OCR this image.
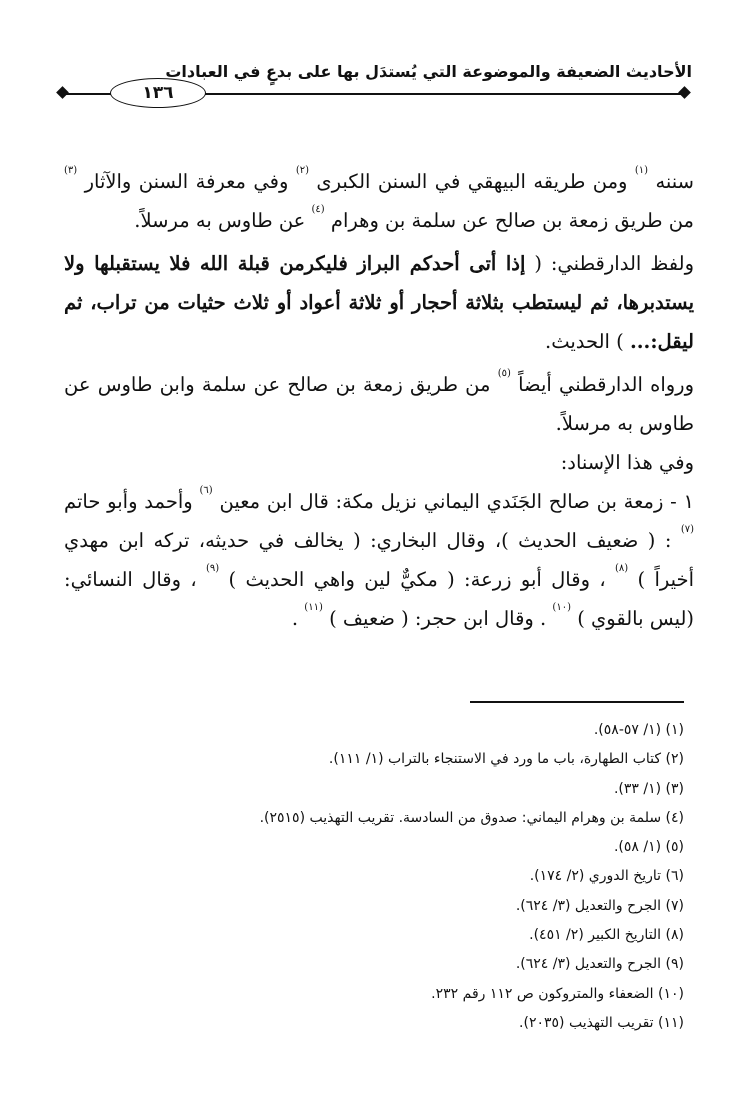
الأحاديث الضعيفة والموضوعة التي يُستدَل بها على بدعٍ في العبادات
١٣٦

سننه $^{(١)}$ ومن طريقه البيهقي في السنن الكبرى $^{(٢)}$ وفي معرفة السنن والآثار $^{(٣)}$ من طريق زمعة بن صالح عن سلمة بن وهرام $^{(٤)}$ عن طاوس به مرسلاً.

ولفظ الدارقطني: ( إذا أتى أحدكم البراز فليكرمن قبلة الله فلا يستقبلها ولا يستدبرها، ثم ليستطب بثلاثة أحجار أو ثلاثة أعواد أو ثلاث حثيات من تراب، ثم ليقل:... ) الحديث.

ورواه الدارقطني أيضاً $^{(٥)}$ من طريق زمعة بن صالح عن سلمة وابن طاوس عن طاوس به مرسلاً.

وفي هذا الإسناد:

١ - زمعة بن صالح الجَنَدي اليماني نزيل مكة: قال ابن معين $^{(٦)}$ وأحمد وأبو حاتم $^{(٧)}$ : ( ضعيف الحديث )، وقال البخاري: ( يخالف في حديثه، تركه ابن مهدي أخيراً ) $^{(٨)}$ ، وقال أبو زرعة: ( مكيٌّ لين واهي الحديث ) $^{(٩)}$ ، وقال النسائي: (ليس بالقوي ) $^{(١٠)}$ . وقال ابن حجر: ( ضعيف ) $^{(١١)}$ .

(١) (١/ ٥٧-٥٨).
(٢) كتاب الطهارة، باب ما ورد في الاستنجاء بالتراب (١/ ١١١).
(٣) (١/ ٣٣).
(٤) سلمة بن وهرام اليماني: صدوق من السادسة. تقريب التهذيب (٢٥١٥).
(٥) (١/ ٥٨).
(٦) تاريخ الدوري (٢/ ١٧٤).
(٧) الجرح والتعديل (٣/ ٦٢٤).
(٨) التاريخ الكبير (٢/ ٤٥١).
(٩) الجرح والتعديل (٣/ ٦٢٤).
(١٠) الضعفاء والمتروكون ص ١١٢ رقم ٢٣٢.
(١١) تقريب التهذيب (٢٠٣٥).
